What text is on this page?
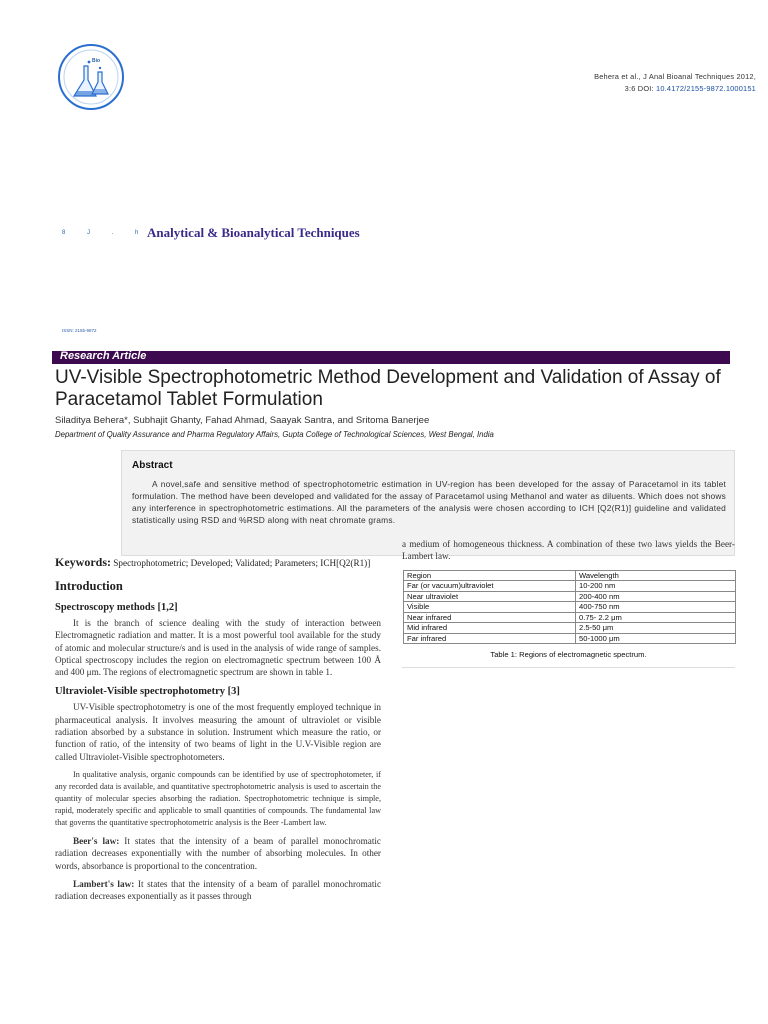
Bio
Behera et al., J Anal Bioanal Techniques 2012,
3:6 DOI: 10.4172/2155-9872.1000151
8 J . h
Analytical & Bioanalytical Techniques
ISSN: 2155-9872
Research Article
UV-Visible Spectrophotometric Method Development and Validation of Assay of Paracetamol Tablet Formulation
Siladitya Behera*, Subhajit Ghanty, Fahad Ahmad, Saayak Santra, and Sritoma Banerjee
Department of Quality Assurance and Pharma Regulatory Affairs, Gupta College of Technological Sciences, West Bengal, India
Abstract
A novel,safe and sensitive method of spectrophotometric estimation in UV-region has been developed for the assay of Paracetamol in its tablet formulation. The method have been developed and validated for the assay of Paracetamol using Methanol and water as diluents. Which does not shows any interference in spectrophotometric estimations. All the parameters of the analysis were chosen according to ICH [Q2(R1)] guideline and validated statistically using RSD and %RSD along with neat chromate grams.

Keywords: Spectrophotometric; Developed; Validated; Parameters; ICH[Q2(R1)]

Introduction
Spectroscopy methods [1,2]

It is the branch of science dealing with the study of interaction between Electromagnetic radiation and matter. It is a most powerful tool available for the study of atomic and molecular structure/s and is used in the analysis of wide range of samples. Optical spectroscopy includes the region on electromagnetic spectrum between 100 Å and 400 μm. The regions of electromagnetic spectrum are shown in table 1.

Ultraviolet-Visible spectrophotometry [3]

UV-Visible spectrophotometry is one of the most frequently employed technique in pharmaceutical analysis. It involves measuring the amount of ultraviolet or visible radiation absorbed by a substance in solution. Instrument which measure the ratio, or function of ratio, of the intensity of two beams of light in the U.V-Visible region are called Ultraviolet-Visible spectrophotometers.

In qualitative analysis, organic compounds can be identified by use of spectrophotometer, if any recorded data is available, and quantitative spectrophotometric analysis is used to ascertain the quantity of molecular species absorbing the radiation. Spectrophotometric technique is simple, rapid, moderately specific and applicable to small quantities of compounds. The fundamental law that governs the quantitative spectrophotometric analysis is the Beer -Lambert law.

Beer's law: It states that the intensity of a beam of parallel monochromatic radiation decreases exponentially with the number of absorbing molecules. In other words, absorbance is proportional to the concentration.

Lambert's law: It states that the intensity of a beam of parallel monochromatic radiation decreases exponentially as it passes through

a medium of homogeneous thickness. A combination of these two laws yields the Beer-Lambert law.

Region	Wavelength
Far (or vacuum)ultraviolet	10-200 nm
Near ultraviolet	200-400 nm
Visible	400-750 nm
Near infrared	0.75- 2.2 μm
Mid infrared	2.5-50 μm
Far infrared	50-1000 μm
Table 1: Regions of electromagnetic spectrum.
